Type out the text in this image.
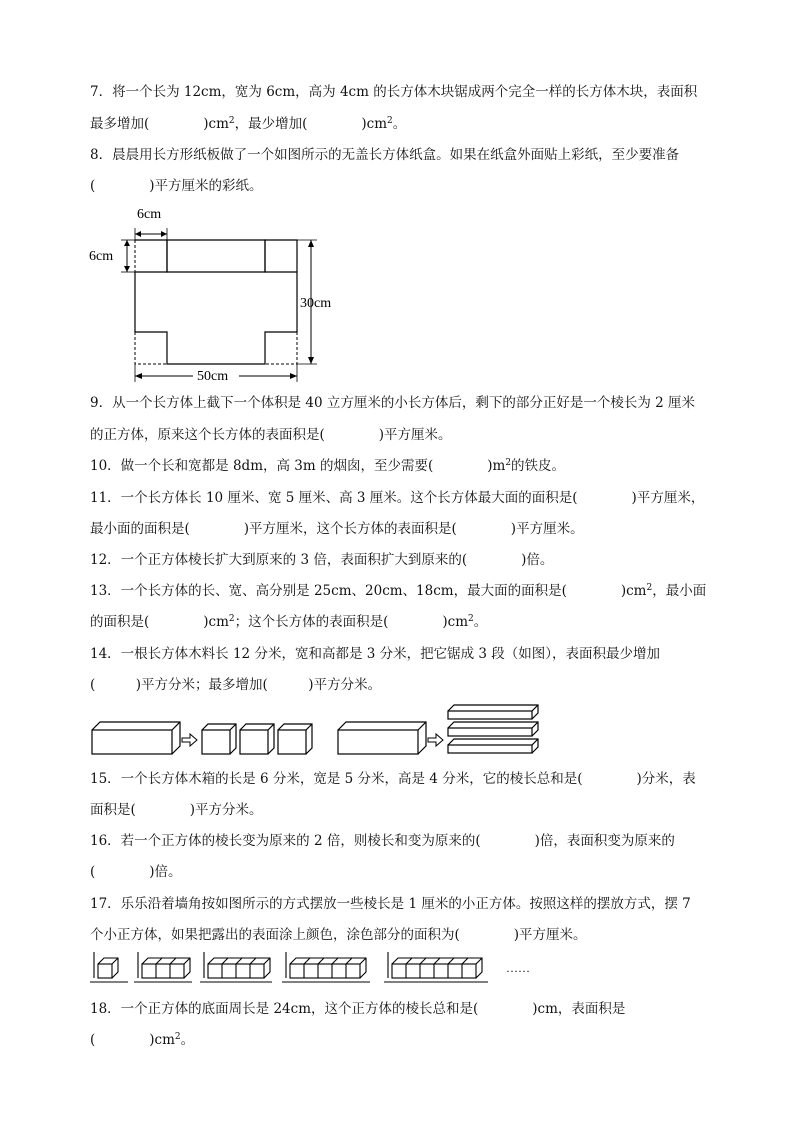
7．将一个长为 12cm，宽为 6cm，高为 4cm 的长方体木块锯成两个完全一样的长方体木块，表面积
最多增加(　　　　)$cm^2$，最少增加(　　　　)$cm^2$。
8．晨晨用长方形纸板做了一个如图所示的无盖长方体纸盒。如果在纸盒外面贴上彩纸，至少要准备
(　　　　)平方厘米的彩纸。
6cm
6cm
30cm
50cm
9．从一个长方体上截下一个体积是 40 立方厘米的小长方体后，剩下的部分正好是一个棱长为 2 厘米
的正方体，原来这个长方体的表面积是(　　　　)平方厘米。
10．做一个长和宽都是 8dm，高 3m 的烟囱，至少需要(　　　　)$m^2$的铁皮。
11．一个长方体长 10 厘米、宽 5 厘米、高 3 厘米。这个长方体最大面的面积是(　　　　)平方厘米，
最小面的面积是(　　　　)平方厘米，这个长方体的表面积是(　　　　)平方厘米。
12．一个正方体棱长扩大到原来的 3 倍，表面积扩大到原来的(　　　　)倍。
13．一个长方体的长、宽、高分别是 25cm、20cm、18cm，最大面的面积是(　　　　)$cm^2$，最小面
的面积是(　　　　)$cm^2$；这个长方体的表面积是(　　　　)$cm^2$。
14．一根长方体木料长 12 分米，宽和高都是 3 分米，把它锯成 3 段（如图），表面积最少增加
(　　　)平方分米；最多增加(　　　)平方分米。
15．一个长方体木箱的长是 6 分米，宽是 5 分米，高是 4 分米，它的棱长总和是(　　　　)分米，表
面积是(　　　　)平方分米。
16．若一个正方体的棱长变为原来的 2 倍，则棱长和变为原来的(　　　　)倍，表面积变为原来的
(　　　　)倍。
17．乐乐沿着墙角按如图所示的方式摆放一些棱长是 1 厘米的小正方体。按照这样的摆放方式，摆 7
个小正方体，如果把露出的表面涂上颜色，涂色部分的面积为(　　　　)平方厘米。
……
18．一个正方体的底面周长是 24cm，这个正方体的棱长总和是(　　　　)cm，表面积是
(　　　　)$cm^2$。
